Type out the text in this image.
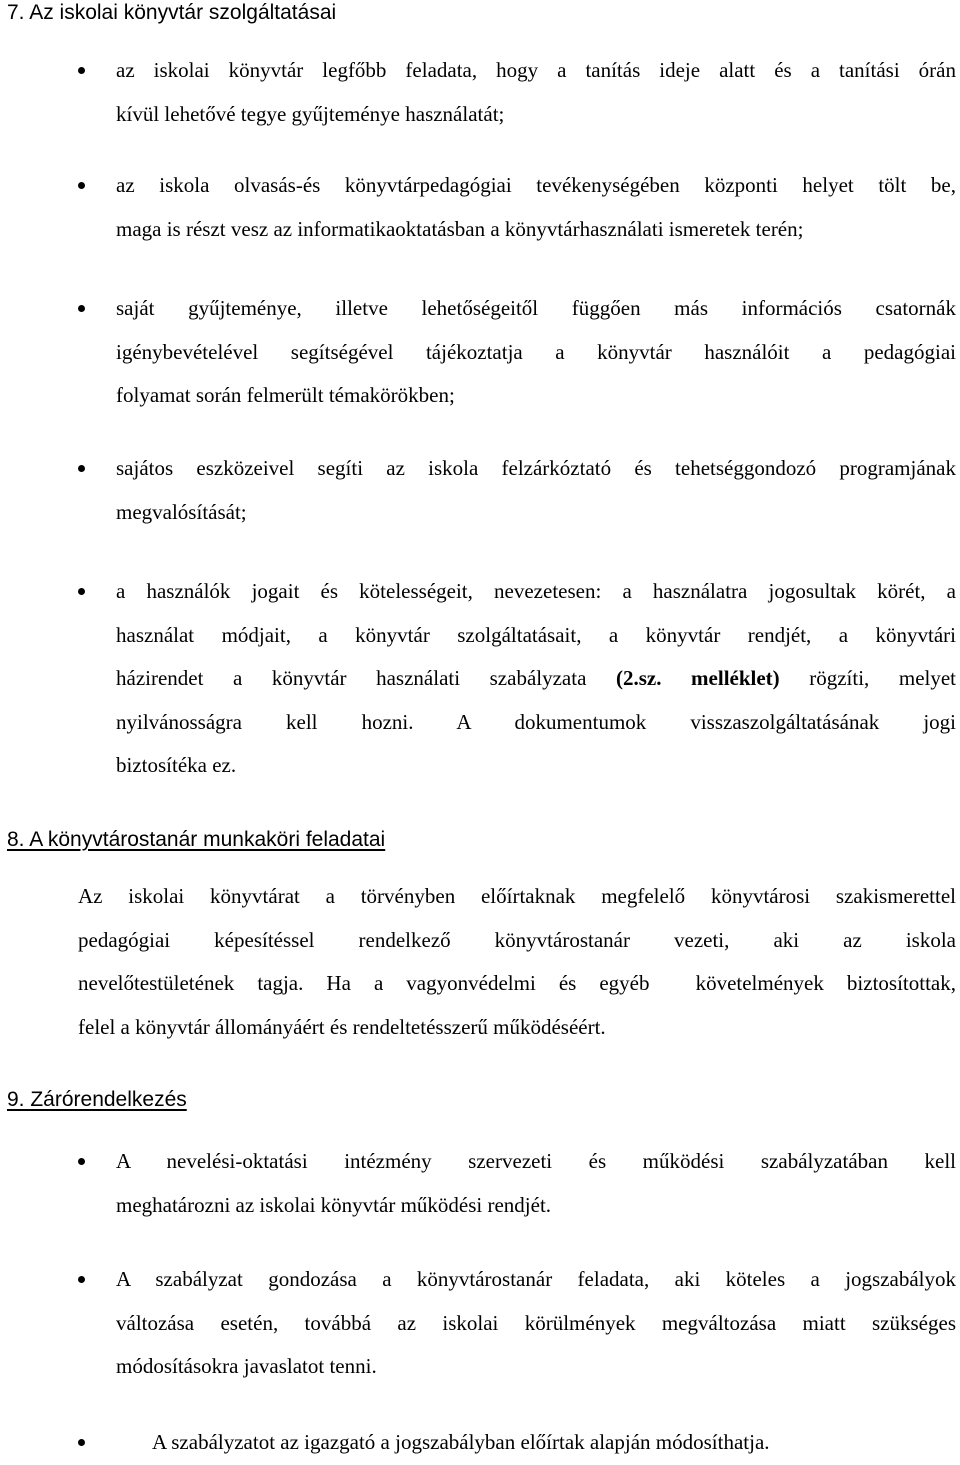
7. Az iskolai könyvtár szolgáltatásai
az iskolai könyvtár legfőbb feladata, hogy a tanítás ideje alatt és a tanítási órán
kívül lehetővé tegye gyűjteménye használatát;
az iskola olvasás-és könyvtárpedagógiai tevékenységében központi helyet tölt be,
maga is részt vesz az informatikaoktatásban a könyvtárhasználati ismeretek terén;
saját gyűjteménye, illetve lehetőségeitől függően más információs csatornák
igénybevételével segítségével tájékoztatja a könyvtár használóit a pedagógiai
folyamat során felmerült témakörökben;
sajátos eszközeivel segíti az iskola felzárkóztató és tehetséggondozó programjának
megvalósítását;
a használók jogait és kötelességeit, nevezetesen: a használatra jogosultak körét, a
használat módjait, a könyvtár szolgáltatásait, a könyvtár rendjét, a könyvtári
házirendet a könyvtár használati szabályzata (2.sz. melléklet) rögzíti, melyet
nyilvánosságra kell hozni. A dokumentumok visszaszolgáltatásának jogi
biztosítéka ez.
8. A könyvtárostanár munkaköri feladatai
Az iskolai könyvtárat a törvényben előírtaknak megfelelő könyvtárosi szakismerettel
pedagógiai képesítéssel rendelkező könyvtárostanár vezeti, aki az iskola
nevelőtestületének tagja. Ha a vagyonvédelmi és egyéb  követelmények biztosítottak,
felel a könyvtár állományáért és rendeltetésszerű működéséért.
9. Zárórendelkezés
A nevelési-oktatási intézmény szervezeti és működési szabályzatában kell
meghatározni az iskolai könyvtár működési rendjét.
A szabályzat gondozása a könyvtárostanár feladata, aki köteles a jogszabályok
változása esetén, továbbá az iskolai körülmények megváltozása miatt szükséges
módosításokra javaslatot tenni.
A szabályzatot az igazgató a jogszabályban előírtak alapján módosíthatja.
